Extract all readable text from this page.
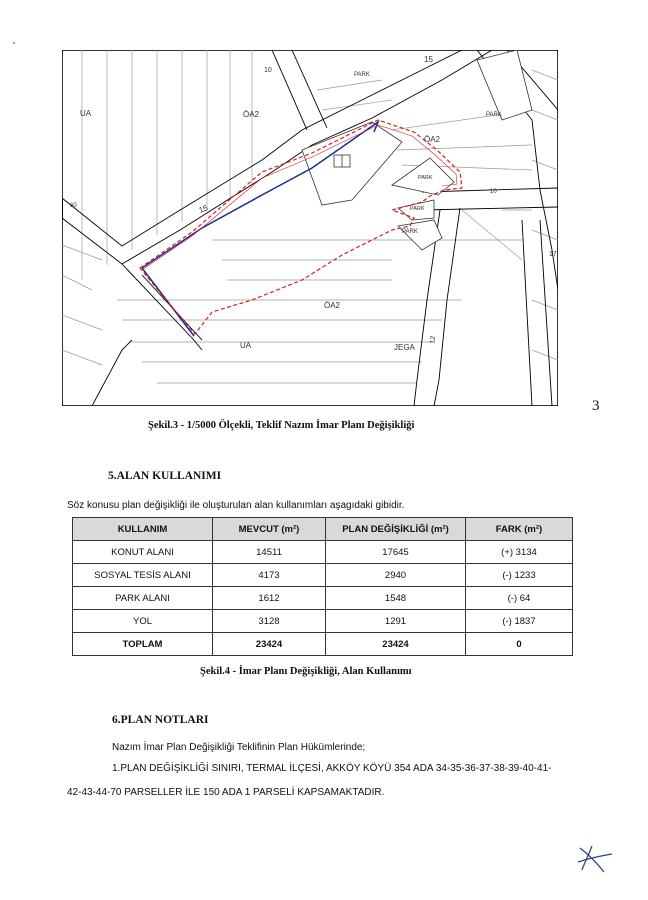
UA	ÖA2
ÖA2
ÖA2
UA	JEGA
PARK
PARK
PARK
PARK
PARK
10
15
15
10
12
60
17
3
Şekil.3 - 1/5000 Ölçekli, Teklif Nazım İmar Planı Değişikliği
5.ALAN KULLANIMI
Söz konusu plan değişikliği ile oluşturulan alan kullanımları aşagıdaki gibidir.
KULLANIM	MEVCUT (m²)	PLAN DEĞİŞİKLİĞİ (m²)	FARK (m²)
KONUT ALANI	14511	17645	(+) 3134
SOSYAL TESİS ALANI	4173	2940	(-) 1233
PARK ALANI	1612	1548	(-) 64
YOL	3128	1291	(-) 1837
TOPLAM	23424	23424	0
Şekil.4 - İmar Planı Değişikliği, Alan Kullanımı
6.PLAN NOTLARI
Nazım İmar Plan Değişikliği Teklifinin Plan Hükümlerinde;
1.PLAN DEĞİŞİKLİĞİ SINIRI, TERMAL İLÇESİ, AKKÖY KÖYÜ 354 ADA 34-35-36-37-38-39-40-41-
42-43-44-70 PARSELLER İLE 150 ADA 1 PARSELİ KAPSAMAKTADIR.
